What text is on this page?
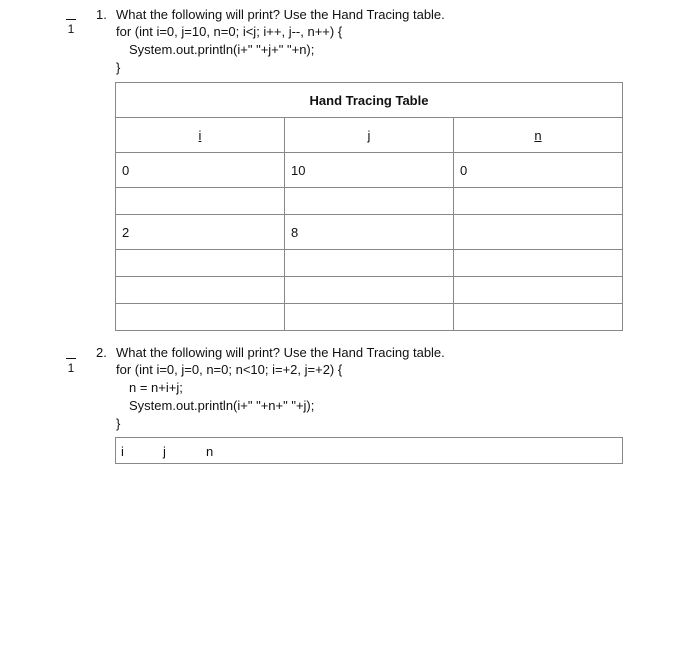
1
1. What the following will print? Use the Hand Tracing table.
for (int i=0, j=10, n=0; i<j; i++, j--, n++) {
System.out.println(i+" "+j+" "+n);
}
Hand Tracing Table		
i	j	n
0	10	0

2	8	

1
2. What the following will print? Use the Hand Tracing table.
for (int i=0, j=0, n=0; n<10; i=+2, j=+2) {
n = n+i+j;
System.out.println(i+" "+n+" "+j);
}
i	j	n
